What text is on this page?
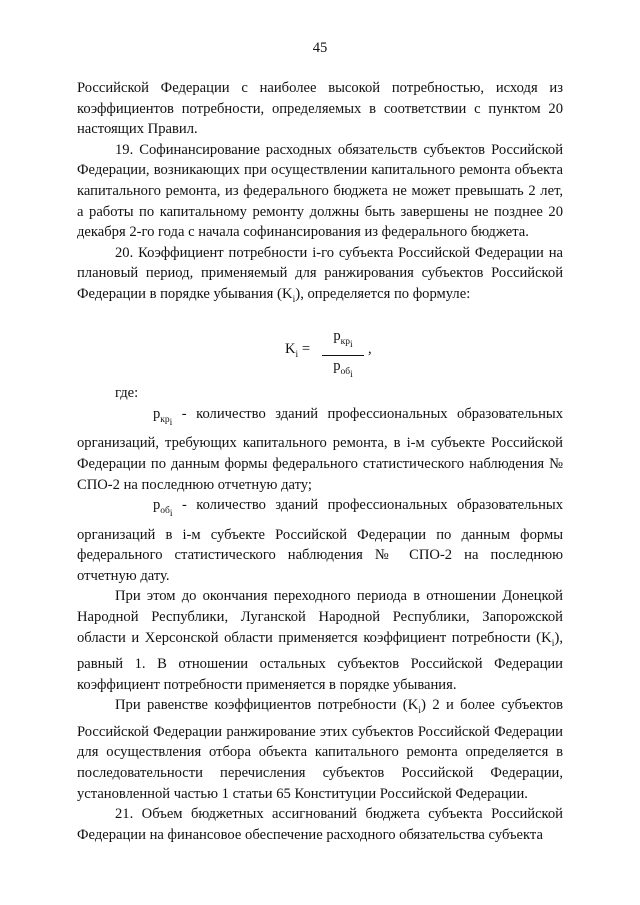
45

Российской Федерации с наиболее высокой потребностью, исходя из коэффициентов потребности, определяемых в соответствии с пунктом 20 настоящих Правил.

19. Софинансирование расходных обязательств субъектов Российской Федерации, возникающих при осуществлении капитального ремонта объекта капитального ремонта, из федерального бюджета не может превышать 2 лет, а работы по капитальному ремонту должны быть завершены не позднее 20 декабря 2-го года с начала софинансирования из федерального бюджета.

20. Коэффициент потребности i-го субъекта Российской Федерации на плановый период, применяемый для ранжирования субъектов Российской Федерации в порядке убывания $(K_i)$, определяется по формуле:

$K_i$ =
$p_{кр_i}$
$p_{об_i}$
,

где:

$p_{кр_i}$ - количество зданий профессиональных образовательных организаций, требующих капитального ремонта, в i-м субъекте Российской Федерации по данным формы федерального статистического наблюдения № СПО-2 на последнюю отчетную дату;

$p_{об_i}$ - количество зданий профессиональных образовательных организаций в i-м субъекте Российской Федерации по данным формы федерального статистического наблюдения № СПО-2 на последнюю отчетную дату.

При этом до окончания переходного периода в отношении Донецкой Народной Республики, Луганской Народной Республики, Запорожской области и Херсонской области применяется коэффициент потребности $(K_i)$, равный 1. В отношении остальных субъектов Российской Федерации коэффициент потребности применяется в порядке убывания.

При равенстве коэффициентов потребности $(K_i)$ 2 и более субъектов Российской Федерации ранжирование этих субъектов Российской Федерации для осуществления отбора объекта капитального ремонта определяется в последовательности перечисления субъектов Российской Федерации, установленной частью 1 статьи 65 Конституции Российской Федерации.

21. Объем бюджетных ассигнований бюджета субъекта Российской Федерации на финансовое обеспечение расходного обязательства субъекта
